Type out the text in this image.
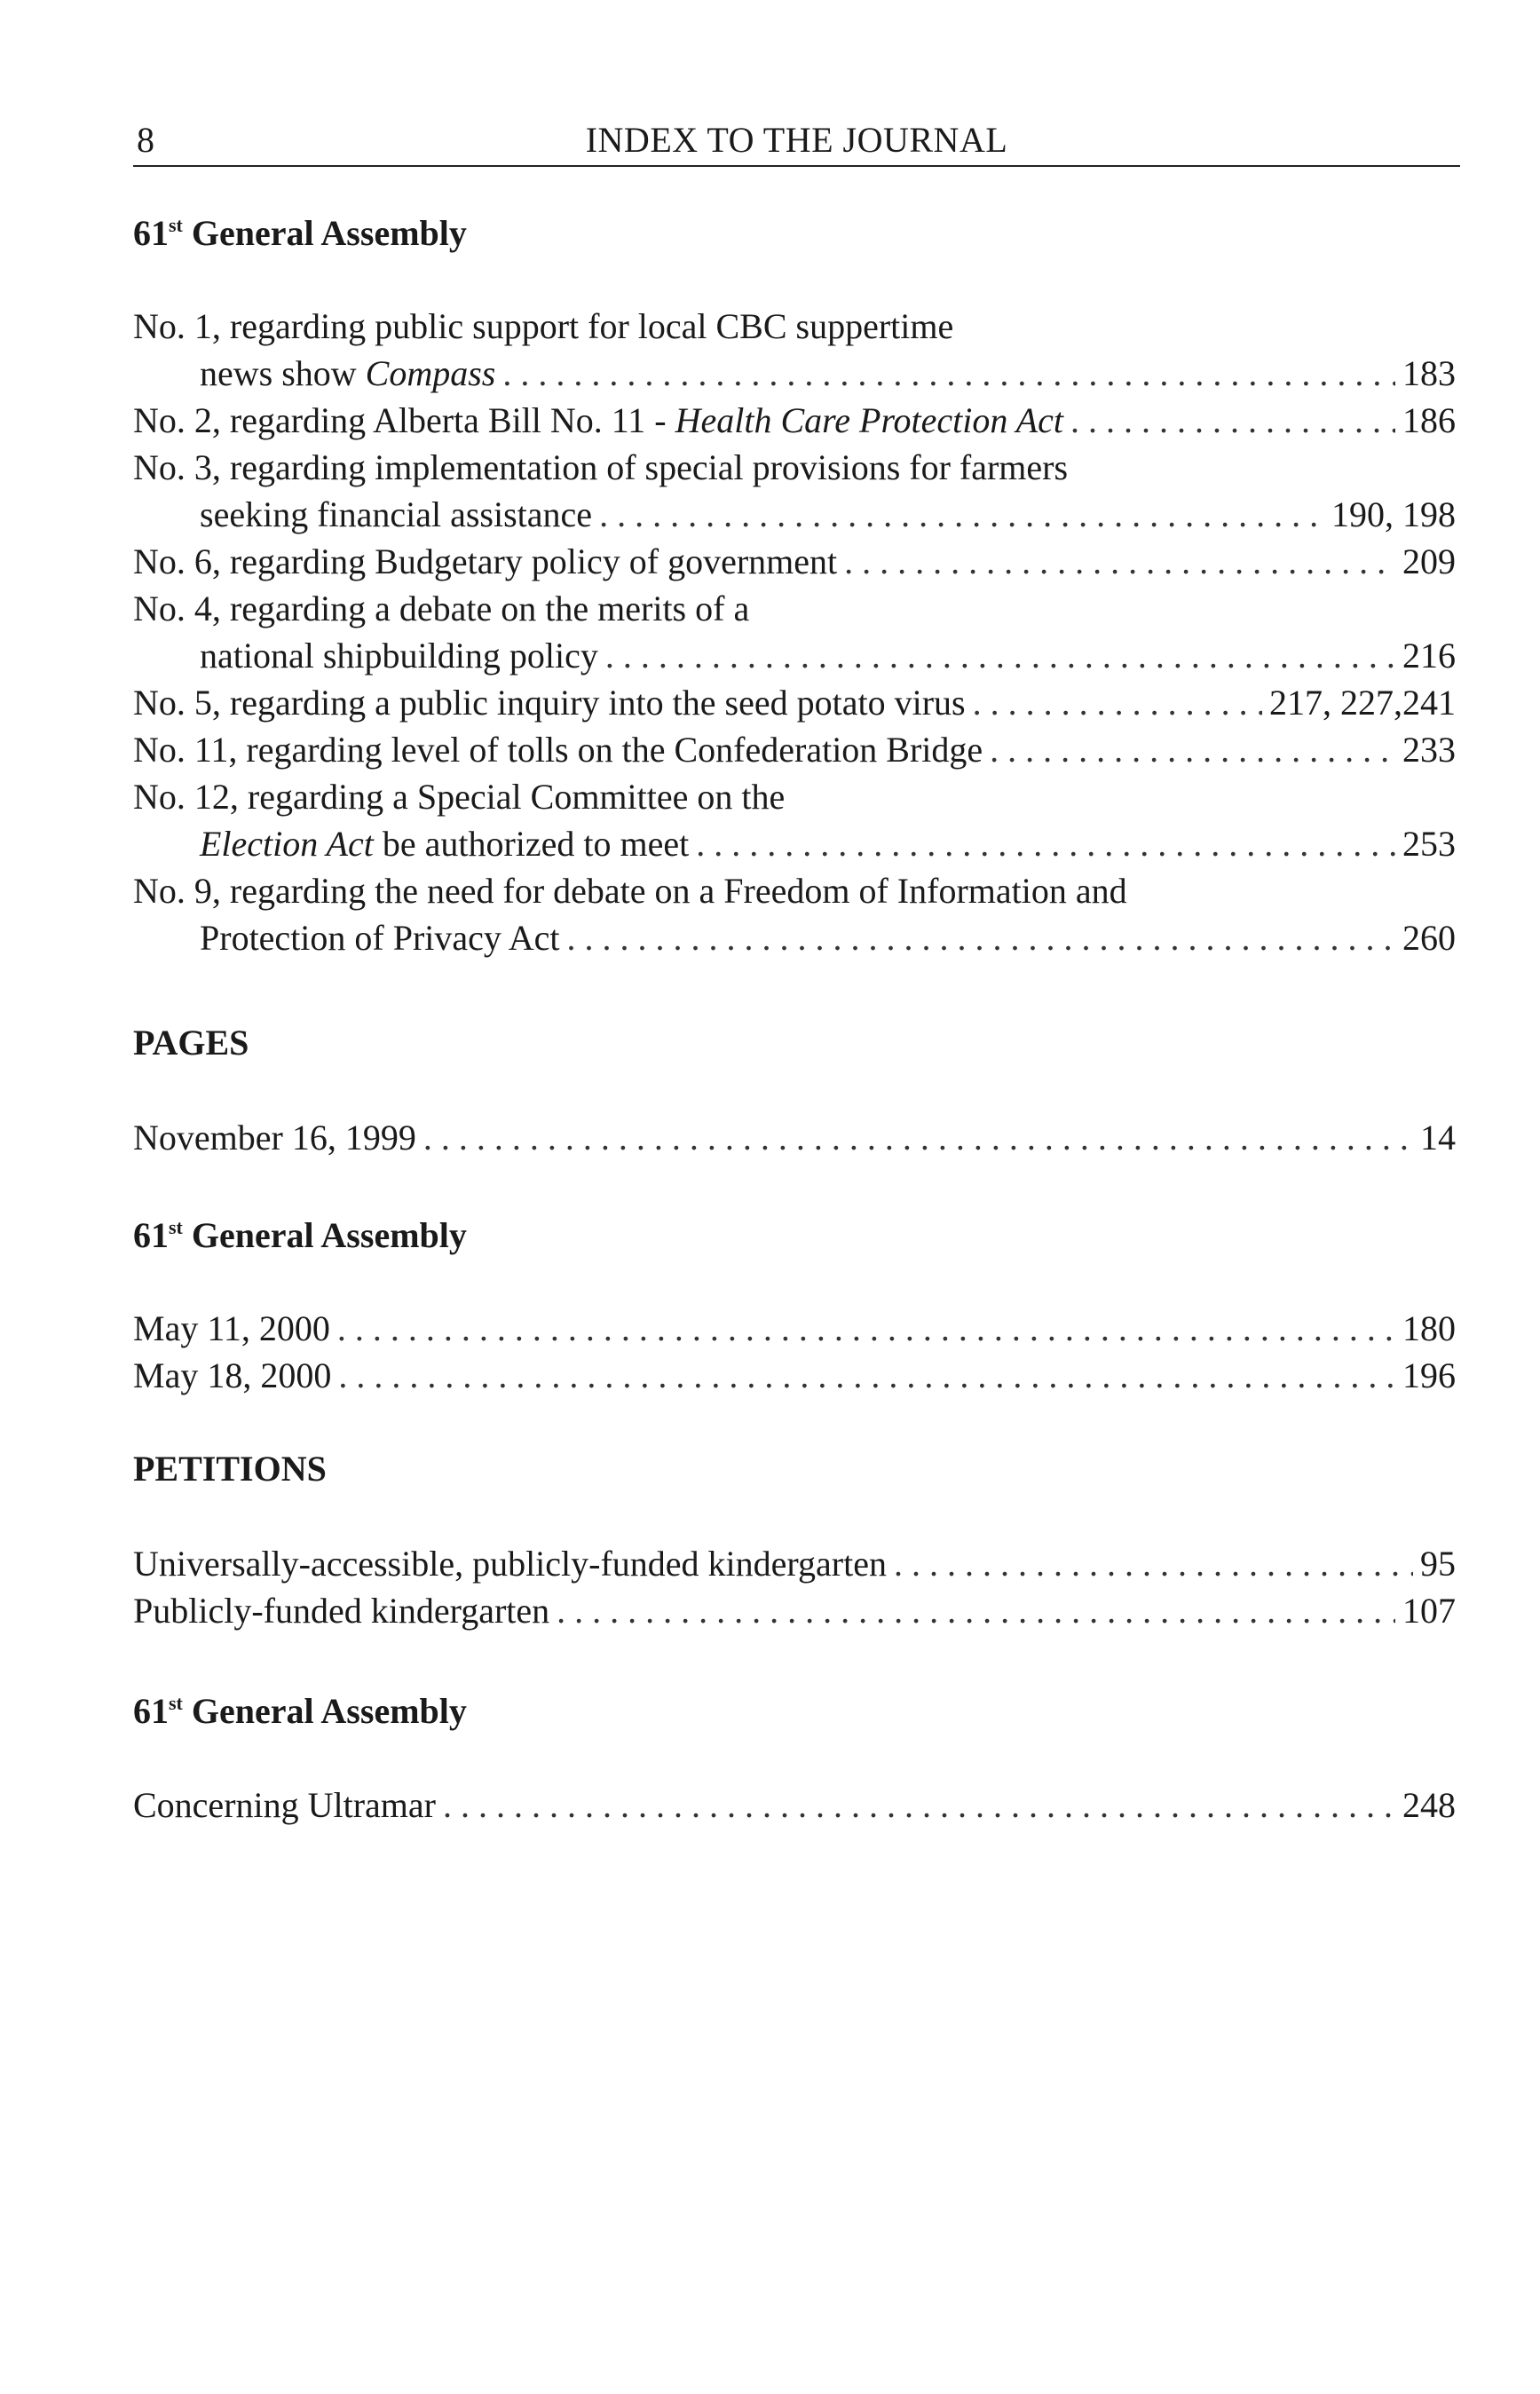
8	INDEX TO THE JOURNAL
61st General Assembly
No. 1, regarding public support for local CBC suppertime
news show Compass . . .	183
No. 2, regarding Alberta Bill No. 11 - Health Care Protection Act . . .	186
No. 3, regarding implementation of special provisions for farmers
seeking financial assistance . . .	190, 198
No. 6, regarding Budgetary policy of government . . .	209
No. 4, regarding a debate on the merits of a
national shipbuilding policy . . .	216
No. 5, regarding a public inquiry into the seed potato virus . . .	217, 227,241
No. 11, regarding level of tolls on the Confederation Bridge . . .	233
No. 12, regarding a Special Committee on the
Election Act be authorized to meet . . .	253
No. 9, regarding the need for debate on a Freedom of Information and
Protection of Privacy Act . . .	260
PAGES
November 16, 1999 . . .	14
61st General Assembly
May 11, 2000 . . .	180
May 18, 2000 . . .	196
PETITIONS
Universally-accessible, publicly-funded kindergarten . . .	95
Publicly-funded kindergarten . . .	107
61st General Assembly
Concerning Ultramar . . .	248
